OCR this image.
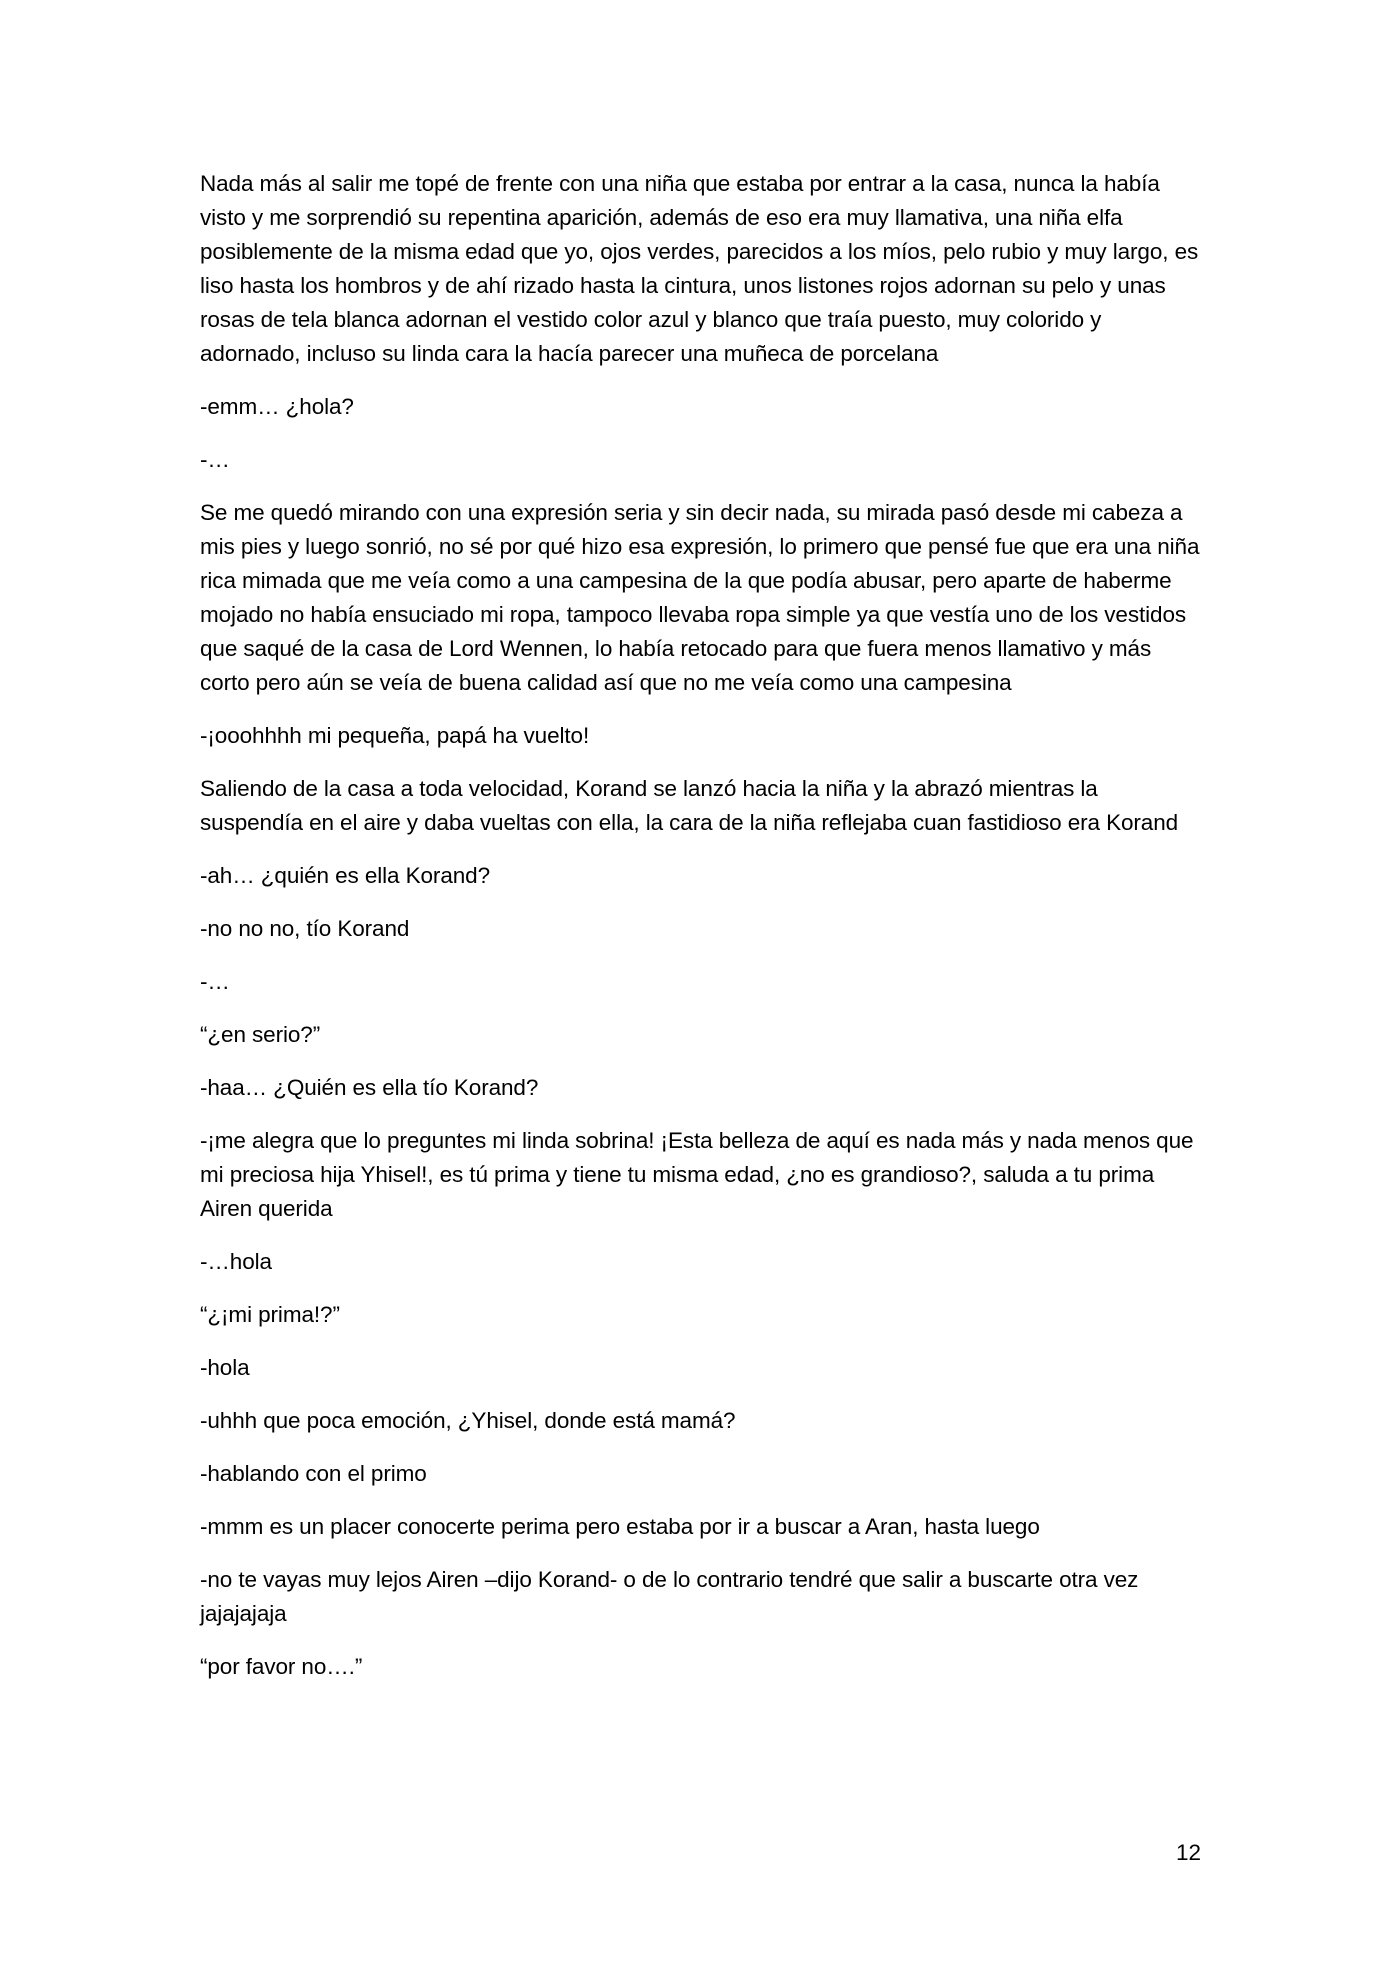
Nada más al salir me topé de frente con una niña que estaba por entrar a la casa, nunca la había visto y me sorprendió su repentina aparición, además de eso era muy llamativa, una niña elfa posiblemente de la misma edad que yo, ojos verdes, parecidos a los míos, pelo rubio y muy largo, es liso hasta los hombros y de ahí rizado hasta la cintura, unos listones rojos adornan su pelo y unas rosas de tela blanca adornan el vestido color azul y blanco que traía puesto, muy colorido y adornado, incluso su linda cara la hacía parecer una muñeca de porcelana

-emm… ¿hola?

-…

Se me quedó mirando con una expresión seria y sin decir nada, su mirada pasó desde mi cabeza a mis pies y luego sonrió, no sé por qué hizo esa expresión, lo primero que pensé fue que era una niña rica mimada que me veía como a una campesina de la que podía abusar, pero aparte de haberme mojado no había ensuciado mi ropa, tampoco llevaba ropa simple ya que vestía uno de los vestidos que saqué de la casa de Lord Wennen, lo había retocado para que fuera menos llamativo y más corto pero aún se veía de buena calidad así que no me veía como una campesina

-¡ooohhhh mi pequeña, papá ha vuelto!

Saliendo de la casa a toda velocidad, Korand se lanzó hacia la niña y la abrazó mientras la suspendía en el aire y daba vueltas con ella, la cara de la niña reflejaba cuan fastidioso era Korand

-ah… ¿quién es ella Korand?

-no no no, tío Korand

-…

“¿en serio?”

-haa… ¿Quién es ella tío Korand?

-¡me alegra que lo preguntes mi linda sobrina! ¡Esta belleza de aquí es nada más y nada menos que mi preciosa hija Yhisel!, es tú prima y tiene tu misma edad, ¿no es grandioso?, saluda a tu prima Airen querida

-…hola

“¿¡mi prima!?”

-hola

-uhhh que poca emoción, ¿Yhisel, donde está mamá?

-hablando con el primo

-mmm es un placer conocerte perima pero estaba por ir a buscar a Aran, hasta luego

-no te vayas muy lejos Airen –dijo Korand- o de lo contrario tendré que salir a buscarte otra vez jajajajaja

“por favor no….”

12
